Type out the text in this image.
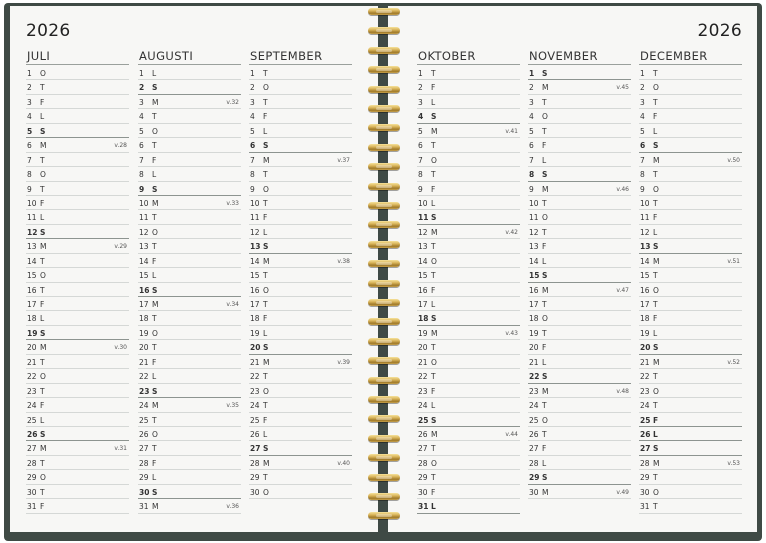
2026
JULI
1 O
2 T
3 F
4 L
5 S
6 M	v.28
7 T
8 O
9 T
10 F
11 L
12 S
13 M	v.29
14 T
15 O
16 T
17 F
18 L
19 S
20 M	v.30
21 T
22 O
23 T
24 F
25 L
26 S
27 M	v.31
28 T
29 O
30 T
31 F
AUGUSTI
1 L
2 S
3 M	v.32
4 T
5 O
6 T
7 F
8 L
9 S
10 M	v.33
11 T
12 O
13 T
14 F
15 L
16 S
17 M	v.34
18 T
19 O
20 T
21 F
22 L
23 S
24 M	v.35
25 T
26 O
27 T
28 F
29 L
30 S
31 M	v.36
SEPTEMBER
1 T
2 O
3 T
4 F
5 L
6 S
7 M	v.37
8 T
9 O
10 T
11 F
12 L
13 S
14 M	v.38
15 T
16 O
17 T
18 F
19 L
20 S
21 M	v.39
22 T
23 O
24 T
25 F
26 L
27 S
28 M	v.40
29 T
30 O
2026
OKTOBER
1 T
2 F
3 L
4 S
5 M	v.41
6 T
7 O
8 T
9 F
10 L
11 S
12 M	v.42
13 T
14 O
15 T
16 F
17 L
18 S
19 M	v.43
20 T
21 O
22 T
23 F
24 L
25 S
26 M	v.44
27 T
28 O
29 T
30 F
31 L
NOVEMBER
1 S
2 M	v.45
3 T
4 O
5 T
6 F
7 L
8 S
9 M	v.46
10 T
11 O
12 T
13 F
14 L
15 S
16 M	v.47
17 T
18 O
19 T
20 F
21 L
22 S
23 M	v.48
24 T
25 O
26 T
27 F
28 L
29 S
30 M	v.49
DECEMBER
1 T
2 O
3 T
4 F
5 L
6 S
7 M	v.50
8 T
9 O
10 T
11 F
12 L
13 S
14 M	v.51
15 T
16 O
17 T
18 F
19 L
20 S
21 M	v.52
22 T
23 O
24 T
25 F
26 L
27 S
28 M	v.53
29 T
30 O
31 T
